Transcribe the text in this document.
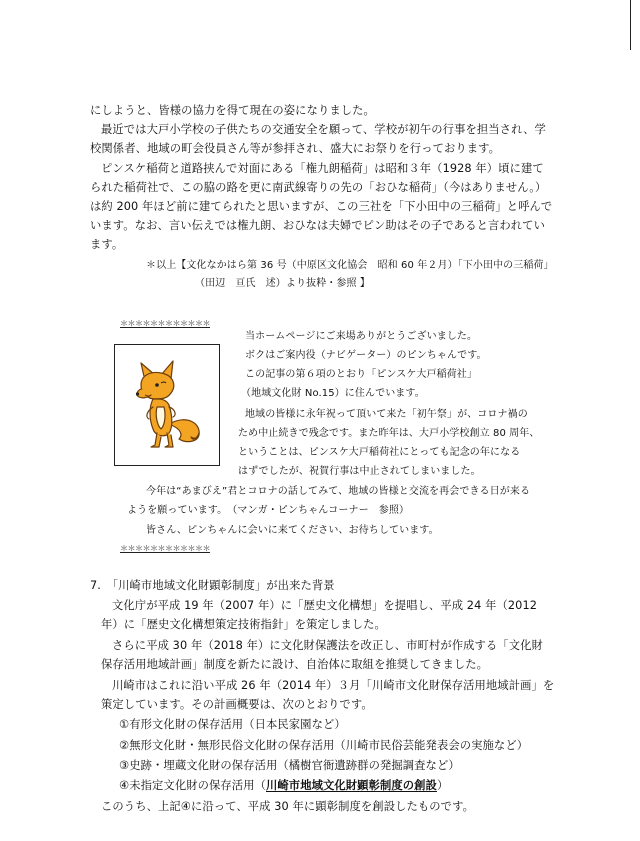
にしようと、皆様の協力を得て現在の姿になりました。
最近では大戸小学校の子供たちの交通安全を願って、学校が初午の行事を担当され、学
校関係者、地域の町会役員さん等が参拝され、盛大にお祭りを行っております。
ピンスケ稲荷と道路挟んで対面にある「権九朗稲荷」は昭和３年（1928 年）頃に建て
られた稲荷社で、この脇の路を更に南武線寄りの先の「おひな稲荷」（今はありません。）
は約 200 年ほど前に建てられたと思いますが、この三社を「下小田中の三稲荷」と呼んで
います。なお、言い伝えでは権九朗、おひなは夫婦でピン助はその子であると言われてい
ます。
＊以上【文化なかはら第 36 号（中原区文化協会　昭和 60 年２月）「下小田中の三稲荷」
（田辺　亘氏　述）より抜粋・参照 】
＊＊＊＊＊＊＊＊＊＊＊＊
当ホームページにご来場ありがとうございました。
ボクはご案内役（ナビゲーター）のピンちゃんです。
この記事の第６項のとおり「ピンスケ大戸稲荷社」
（地域文化財 No.15）に住んでいます。
地域の皆様に永年祝って頂いて来た「初午祭」が、コロナ禍の
ため中止続きで残念です。また昨年は、大戸小学校創立 80 周年、
ということは、ピンスケ大戸稲荷社にとっても記念の年になる
はずでしたが、祝賀行事は中止されてしまいました。
今年は“あまびえ”君とコロナの話してみて、地域の皆様と交流を再会できる日が来る
ようを願っています。　（マンガ・ピンちゃんコーナー　参照）
皆さん、ピンちゃんに会いに来てください、お待ちしています。
＊＊＊＊＊＊＊＊＊＊＊＊
7.　「川崎市地域文化財顕彰制度」が出来た背景
文化庁が平成 19 年（2007 年）に「歴史文化構想」を提唱し、平成 24 年（2012
年）に「歴史文化構想策定技術指針」を策定しました。
さらに平成 30 年（2018 年）に文化財保護法を改正し、市町村が作成する「文化財
保存活用地域計画」制度を新たに設け、自治体に取組を推奨してきました。
川崎市はこれに沿い平成 26 年（2014 年）３月「川崎市文化財保存活用地域計画」を
策定しています。その計画概要は、次のとおりです。
①有形文化財の保存活用（日本民家園など）
②無形文化財・無形民俗文化財の保存活用（川崎市民俗芸能発表会の実施など）
③史跡・埋蔵文化財の保存活用（橘樹官衙遺跡群の発掘調査など）
④未指定文化財の保存活用（川崎市地域文化財顕彰制度の創設）
このうち、上記④に沿って、平成 30 年に顕彰制度を創設したものです。
